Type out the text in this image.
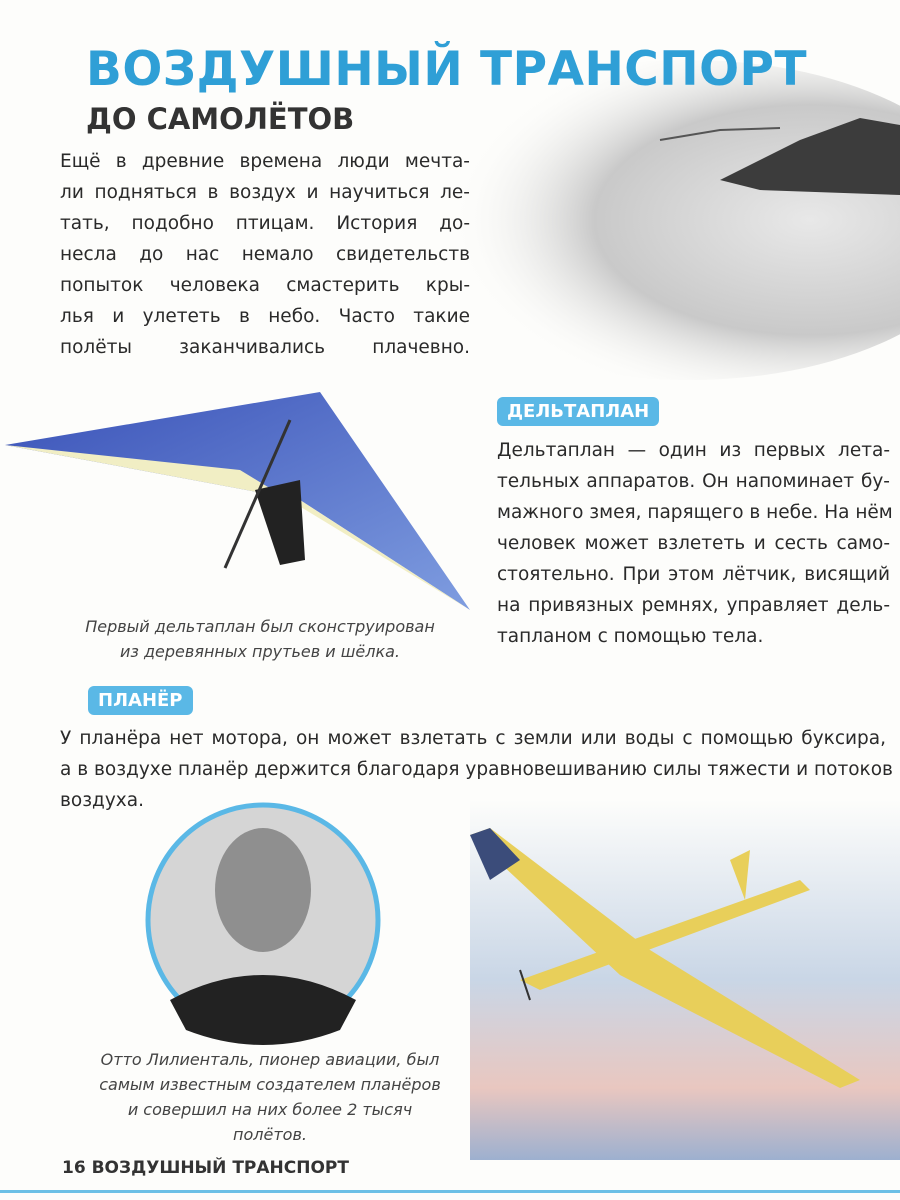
ВОЗДУШНЫЙ ТРАНСПОРТ
ДО САМОЛЁТОВ
Ещё в древние времена люди мечта-
ли подняться в воздух и научиться ле-
тать, подобно птицам. История до-
несла до нас немало свидетельств
попыток человека смастерить кры-
лья и улететь в небо. Часто такие
полёты заканчивались плачевно.
ДЕЛЬТАПЛАН
Дельтаплан — один из первых лета-
тельных аппаратов. Он напоминает бу-
мажного змея, парящего в небе. На нём
человек может взлететь и сесть само-
стоятельно. При этом лётчик, висящий
на привязных ремнях, управляет дель-
тапланом с помощью тела.
Первый дельтаплан был сконструирован
из деревянных прутьев и шёлка.
ПЛАНЁР
У планёра нет мотора, он может взлетать с земли или воды с помощью буксира,
а в воздухе планёр держится благодаря уравновешиванию силы тяжести и потоков
воздуха.
Отто Лилиенталь, пионер авиации, был
самым известным создателем планёров
и совершил на них более 2 тысяч полётов.
16 ВОЗДУШНЫЙ ТРАНСПОРТ
